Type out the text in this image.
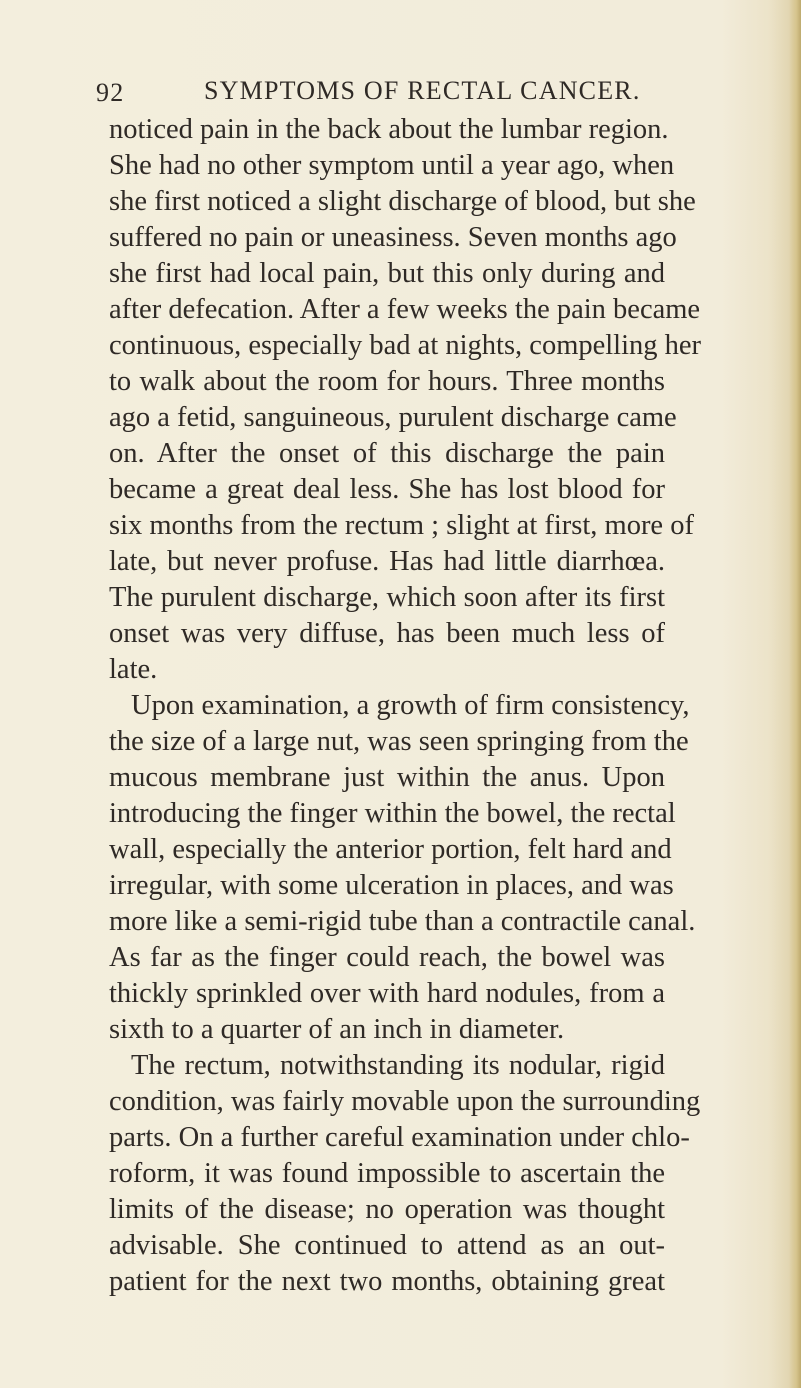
92	SYMPTOMS OF RECTAL CANCER.
noticed pain in the back about the lumbar region.
She had no other symptom until a year ago, when
she first noticed a slight discharge of blood, but she
suffered no pain or uneasiness. Seven months ago
she first had local pain, but this only during and
after defecation. After a few weeks the pain became
continuous, especially bad at nights, compelling her
to walk about the room for hours. Three months
ago a fetid, sanguineous, purulent discharge came
on. After the onset of this discharge the pain
became a great deal less. She has lost blood for
six months from the rectum ; slight at first, more of
late, but never profuse. Has had little diarrhœa.
The purulent discharge, which soon after its first
onset was very diffuse, has been much less of
late.
Upon examination, a growth of firm consistency,
the size of a large nut, was seen springing from the
mucous membrane just within the anus. Upon
introducing the finger within the bowel, the rectal
wall, especially the anterior portion, felt hard and
irregular, with some ulceration in places, and was
more like a semi-rigid tube than a contractile canal.
As far as the finger could reach, the bowel was
thickly sprinkled over with hard nodules, from a
sixth to a quarter of an inch in diameter.
The rectum, notwithstanding its nodular, rigid
condition, was fairly movable upon the surrounding
parts. On a further careful examination under chlo-
roform, it was found impossible to ascertain the
limits of the disease; no operation was thought
advisable. She continued to attend as an out-
patient for the next two months, obtaining great
